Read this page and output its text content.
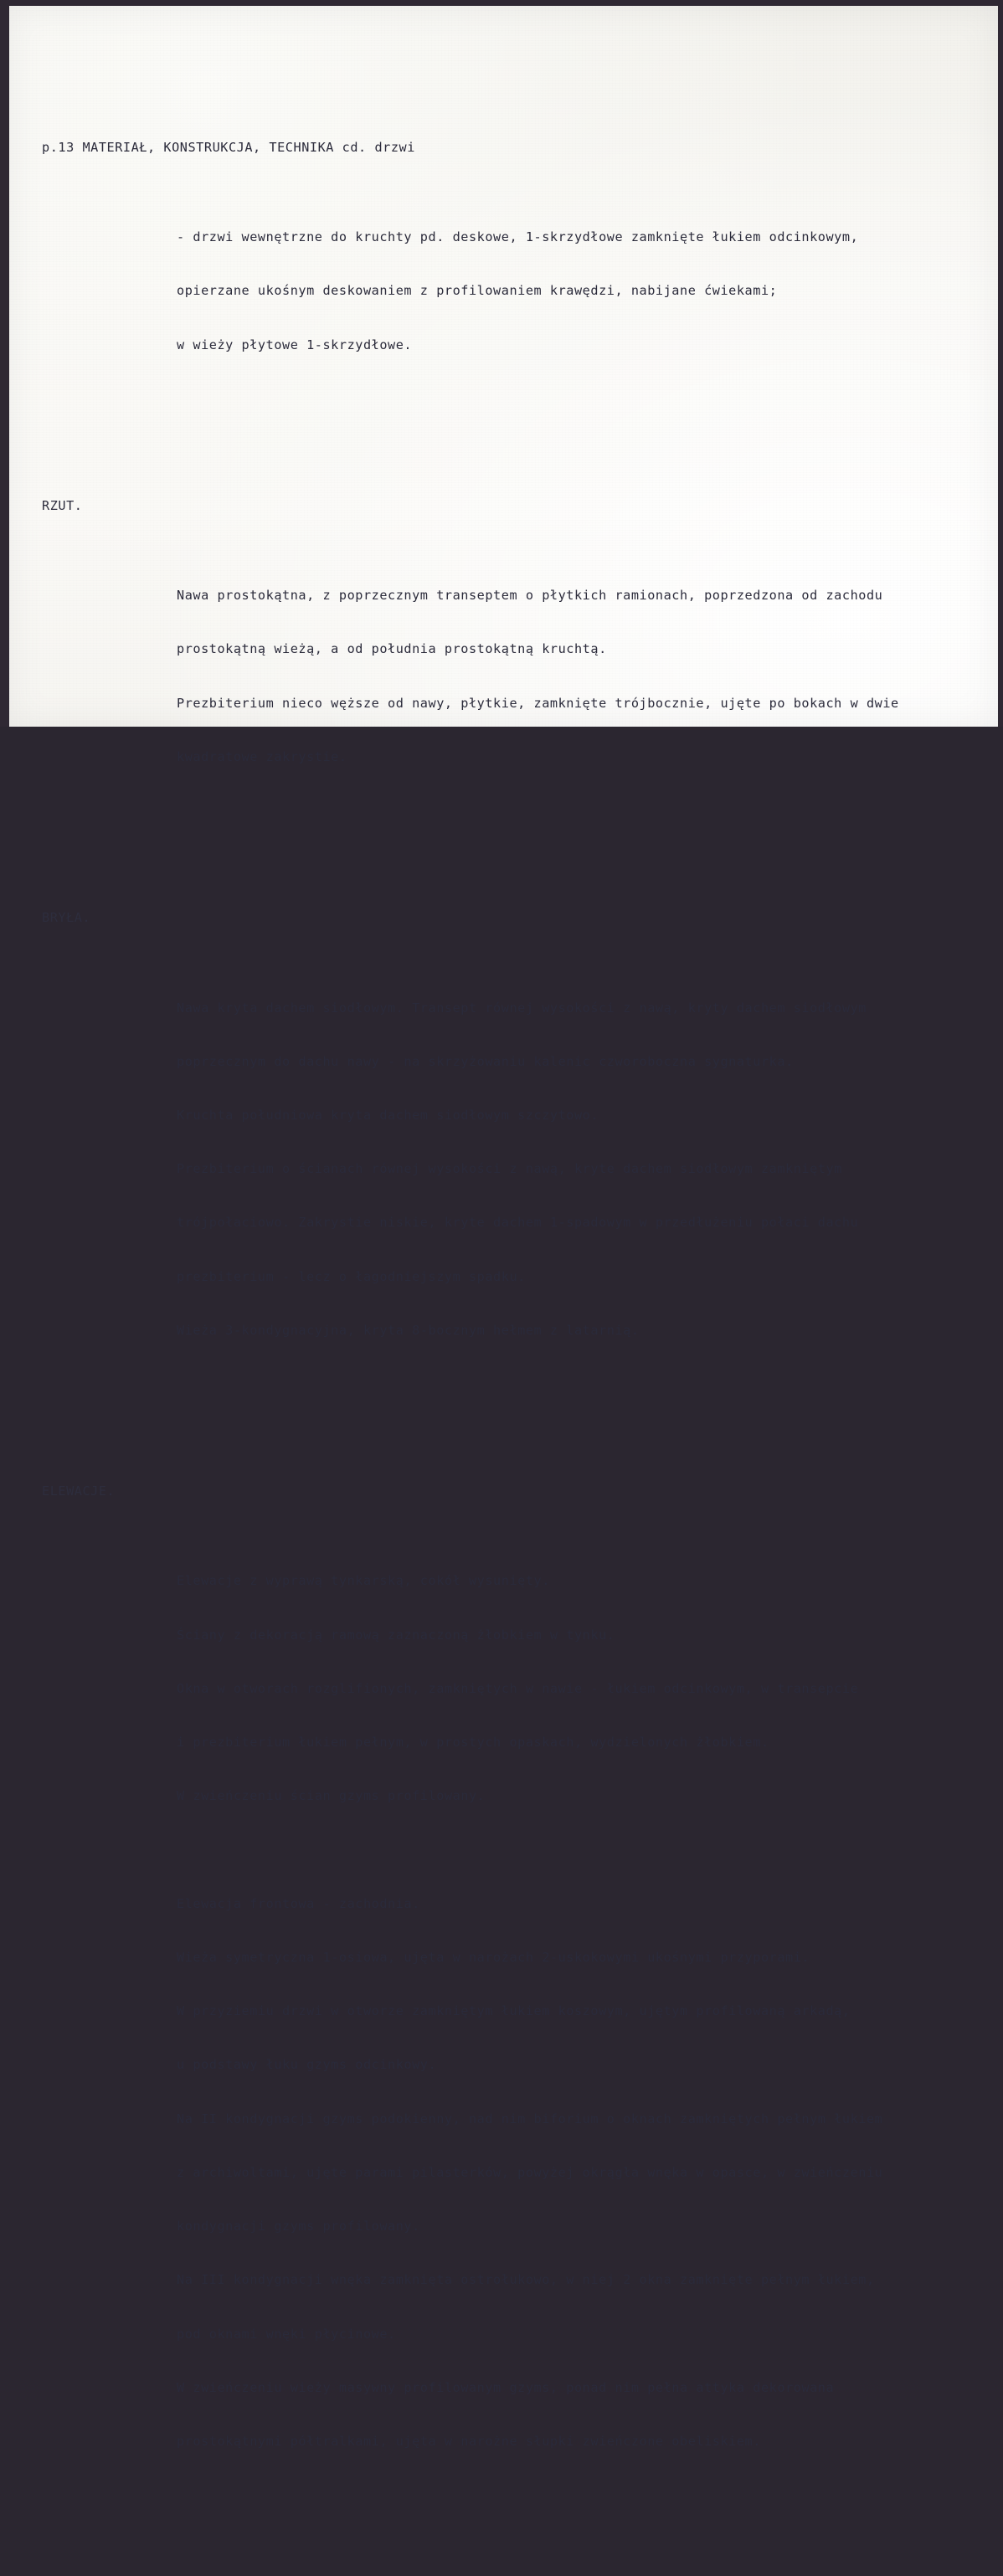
p.13 MATERIAŁ, KONSTRUKCJA, TECHNIKA cd. drzwi

- drzwi wewnętrzne do kruchty pd. deskowe, 1-skrzydłowe zamknięte łukiem odcinkowym,

opierzane ukośnym deskowaniem z profilowaniem krawędzi, nabijane ćwiekami;

w wieży płytowe 1-skrzydłowe.

RZUT.

Nawa prostokątna, z poprzecznym transeptem o płytkich ramionach, poprzedzona od zachodu

prostokątną wieżą, a od południa prostokątną kruchtą.

Prezbiterium nieco węższe od nawy, płytkie, zamknięte trójbocznie, ujęte po bokach w dwie

kwadratowe zakrystie.

BRYŁA.

Nawa kryta dachem siodłowym. Transept równej wysokości z nawą, kryty dachem siodłowym

poprzecznym do dachu nawy - na skrzyżowaniu kalenic czworoboczna sygnaturka.

Kruchta południowa kryta dachem siodłowym szczytowo.

Prezbiterium o ścianach równej wysokości z nawą, kryte dachem siodłowym zamkniętym

trójpołaciowo. Zakrystie niskie, kryte dachem 1-spadowym w przedłużeniu połaci dachu

prezbiterium - lecz o łagodniejszym spadku.

Wieża 3-kondygnacyjna, kryta 8-bocznym hełmem z latarnią.

ELEWACJE.

Elewacje z wyprawą tynkarską, cokół wysunięty.

Ściany z dekoracją ramową zaznaczoną żłobkiem w tynku.

Okna w otworach rozglifionych, zamkniętych w nawie - łukiem odcinkowym, w transepcie

i prezbiterium łukiem pełnym, w prostych opaskach, wydzielonych żłobkiem.

W zwieńczeniu ścian gzyms profilowany.

Elewacja frontowa - zachodnia.

Wieża symetryczna 1-osiowa, ujęta w narożach 2-uskokowymi ukośnymi przyporami.

W przyziemiu drzwi w otworze zamkniętym łukiem koszowym, ujętym profilowaną arkadą,

u podstawy łuku gzyms odcinkowy.

Na II kondygnacji gzyms podokienny, nad nim biforium o oknach zamkniętych pełnym łukiem

z archiwoltami, ujęte parami pilasterków, powyżej okrągła wnęka w opasce, w zwieńczeniu

kondygnacji gzyms profilowany.

Na III kondygnacji wnęka zamknięta ostrołukowo, w niej 2 okna zamknięte pełnym łukiem,

pod oknami wnęki płycinowe.

W zwieńczeniu wieży masywny profilowanym gzyms, ponad nim pełna attyka dekorowana

prostokątnymi półtralkami, ujęta w narożne słupki zwieńczone obeliskiem.
